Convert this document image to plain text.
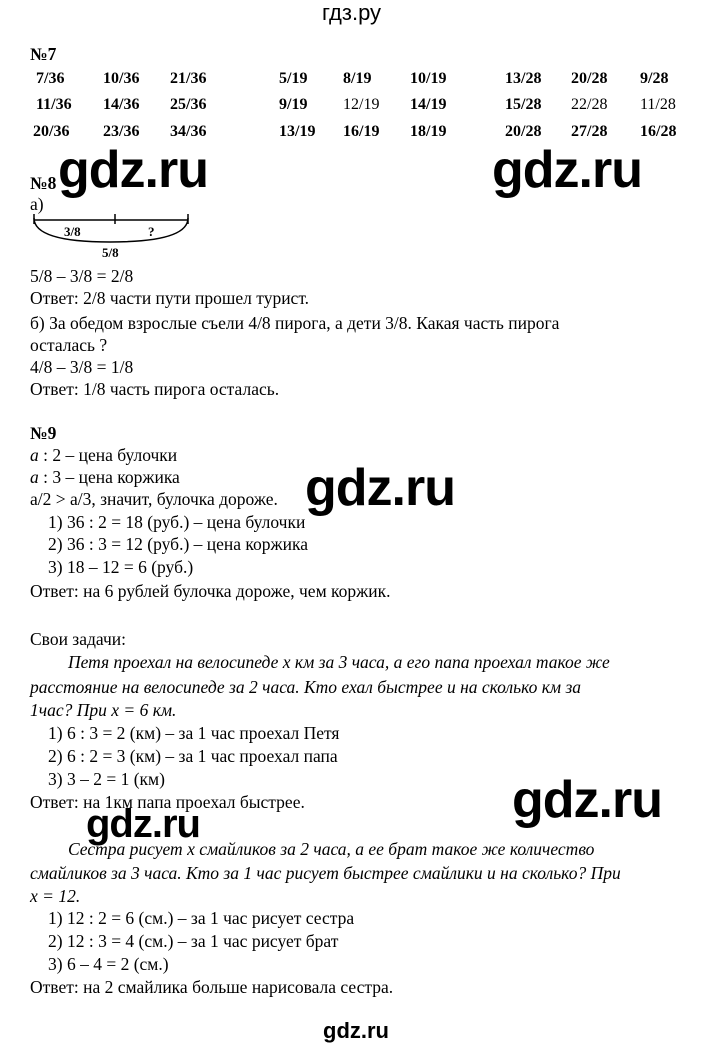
гдз.ру
№7
7/36 10/36 21/36
11/36 14/36 25/36
20/36 23/36 34/36
5/19 8/19 10/19
9/19 12/19 14/19
13/19 16/19 18/19
13/28 20/28 9/28
15/28 22/28 11/28
20/28 27/28 16/28
gdz.ru	gdz.ru
№8
а)
3/8	?
5/8
5/8 – 3/8 = 2/8
Ответ: 2/8 части пути прошел турист.
б) За обедом взрослые съели 4/8 пирога, а дети 3/8. Какая часть пирога
осталась ?
4/8 – 3/8 = 1/8
Ответ: 1/8 часть пирога осталась.
№9
а : 2 – цена булочки
а : 3 – цена коржика
а/2 > а/3, значит, булочка дороже. gdz.ru
1) 36 : 2 = 18 (руб.) – цена булочки
2) 36 : 3 = 12 (руб.) – цена коржика
3) 18 – 12 = 6 (руб.)
Ответ: на 6 рублей булочка дороже, чем коржик.
Свои задачи:
Петя проехал на велосипеде x км за 3 часа, а его папа проехал такое же
расстояние на велосипеде за 2 часа. Кто ехал быстрее и на сколько км за
1час? При x = 6 км.
1) 6 : 3 = 2 (км) – за 1 час проехал Петя
2) 6 : 2 = 3 (км) – за 1 час проехал папа
3) 3 – 2 = 1 (км)
Ответ: на 1км папа проехал быстрее.	gdz.ru
gdz.ru
Сестра рисует x смайликов за 2 часа, а ее брат такое же количество
смайликов за 3 часа. Кто за 1 час рисует быстрее смайлики и на сколько? При
x = 12.
1) 12 : 2 = 6 (см.) – за 1 час рисует сестра
2) 12 : 3 = 4 (см.) – за 1 час рисует брат
3) 6 – 4 = 2 (см.)
Ответ: на 2 смайлика больше нарисовала сестра.
gdz.ru
